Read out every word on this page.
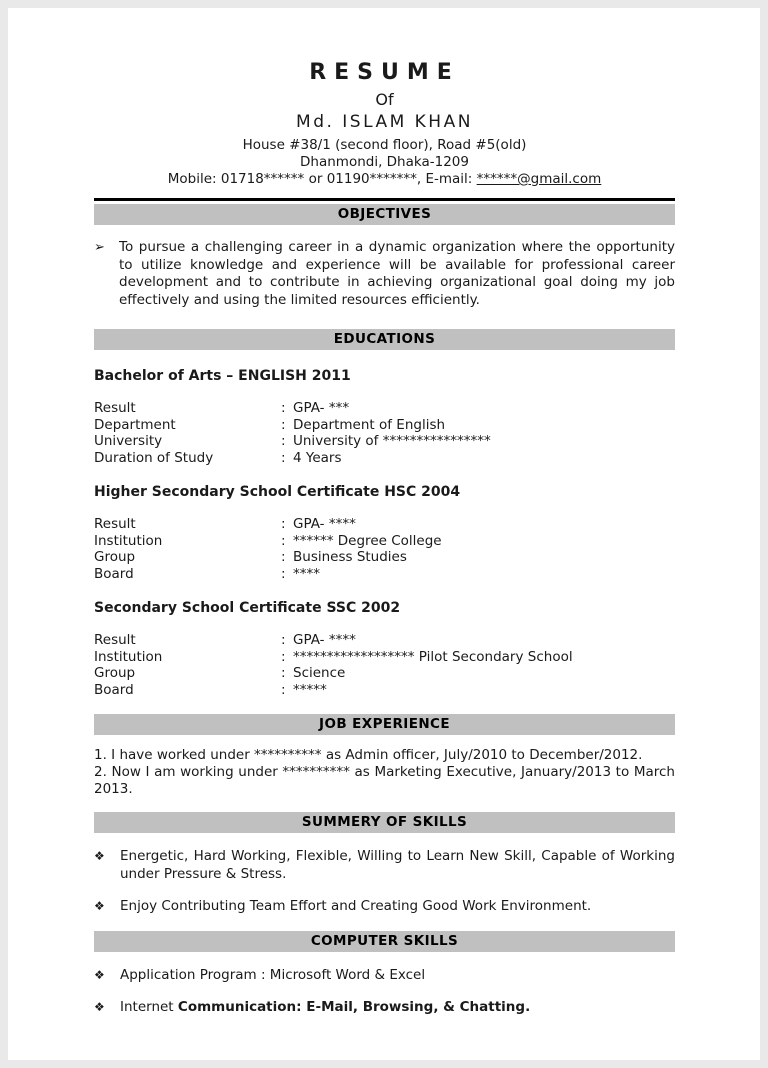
RESUME
Of
Md. ISLAM KHAN
House #38/1 (second floor), Road #5(old)
Dhanmondi, Dhaka-1209
Mobile: 01718****** or 01190*******, E-mail: ******@gmail.com
OBJECTIVES
➢	To pursue a challenging career in a dynamic organization where the opportunity to utilize knowledge and experience will be available for professional career development and to contribute in achieving organizational goal doing my job effectively and using the limited resources efficiently.

EDUCATIONS
Bachelor of Arts – ENGLISH 2011
Result	: GPA- ***
Department	: Department of English
University	: University of ****************
Duration of Study	: 4 Years
Higher Secondary School Certificate HSC 2004
Result	: GPA- ****
Institution	: ****** Degree College
Group	: Business Studies
Board	: ****
Secondary School Certificate SSC 2002
Result	: GPA- ****
Institution	: ****************** Pilot Secondary School
Group	: Science
Board	: *****
JOB EXPERIENCE

1. I have worked under ********** as Admin officer, July/2010 to December/2012.

2. Now I am working under ********** as Marketing Executive, January/2013 to March 2013.

SUMMERY OF SKILLS
❖	Energetic, Hard Working, Flexible, Willing to Learn New Skill, Capable of Working under Pressure & Stress.

❖	Enjoy Contributing Team Effort and Creating Good Work Environment.

COMPUTER SKILLS
❖	Application Program : Microsoft Word & Excel

❖	Internet Communication: E-Mail, Browsing, & Chatting.
